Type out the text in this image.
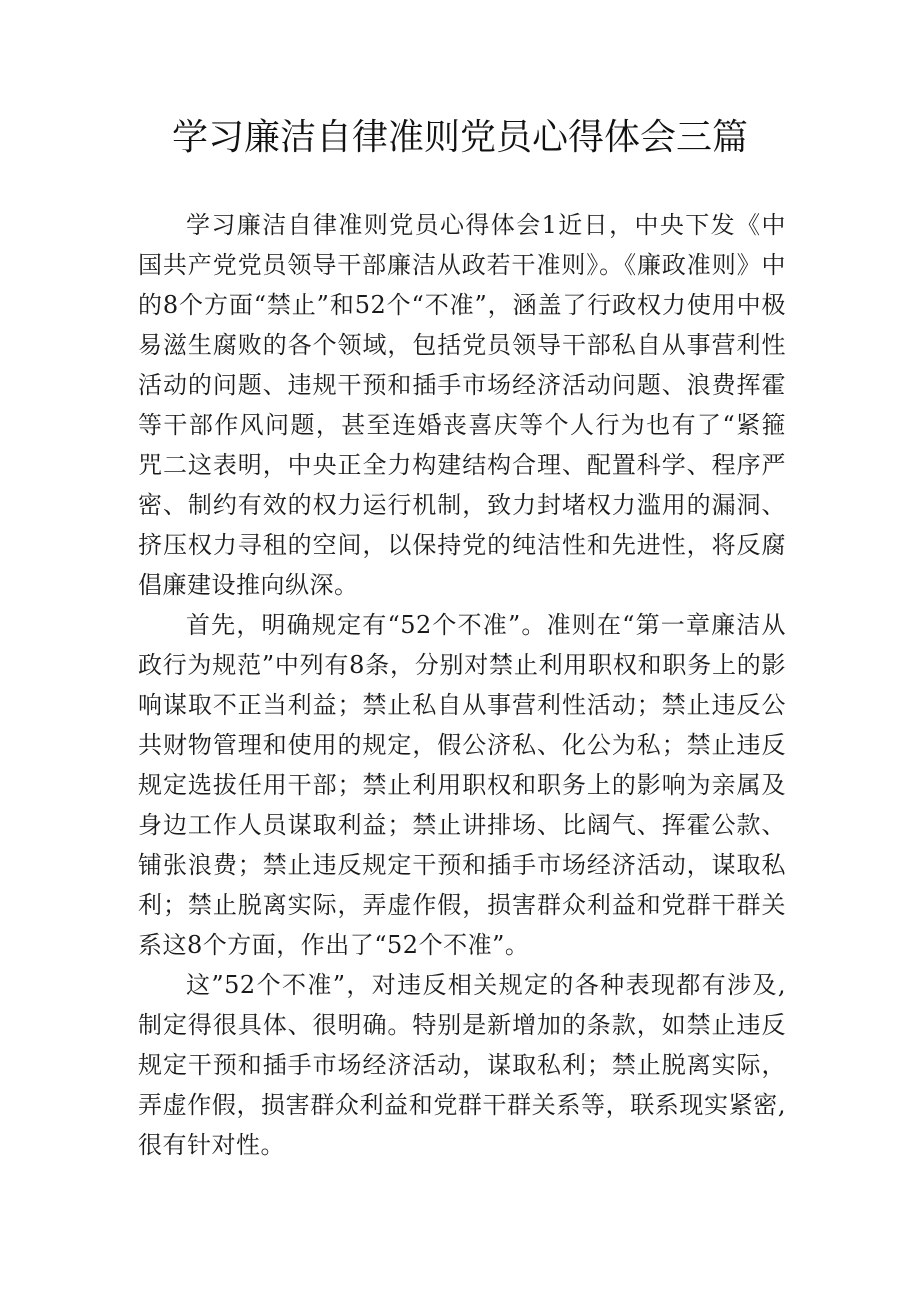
学习廉洁自律准则党员心得体会三篇

学习廉洁自律准则党员心得体会1近日，中央下发《中国共产党党员领导干部廉洁从政若干准则》。《廉政准则》中的8个方面“禁止”和52个“不准”，涵盖了行政权力使用中极易滋生腐败的各个领域，包括党员领导干部私自从事营利性活动的问题、违规干预和插手市场经济活动问题、浪费挥霍等干部作风问题，甚至连婚丧喜庆等个人行为也有了“紧箍咒二这表明，中央正全力构建结构合理、配置科学、程序严密、制约有效的权力运行机制，致力封堵权力滥用的漏洞、挤压权力寻租的空间，以保持党的纯洁性和先进性，将反腐倡廉建设推向纵深。

首先，明确规定有“52个不准”。准则在“第一章廉洁从政行为规范”中列有8条，分别对禁止利用职权和职务上的影响谋取不正当利益；禁止私自从事营利性活动；禁止违反公共财物管理和使用的规定，假公济私、化公为私；禁止违反规定选拔任用干部；禁止利用职权和职务上的影响为亲属及身边工作人员谋取利益；禁止讲排场、比阔气、挥霍公款、铺张浪费；禁止违反规定干预和插手市场经济活动，谋取私利；禁止脱离实际，弄虚作假，损害群众利益和党群干群关系这8个方面，作出了“52个不准”。

这”52个不准”，对违反相关规定的各种表现都有涉及,制定得很具体、很明确。特别是新增加的条款，如禁止违反规定干预和插手市场经济活动，谋取私利；禁止脱离实际，弄虚作假，损害群众利益和党群干群关系等，联系现实紧密,很有针对性。
